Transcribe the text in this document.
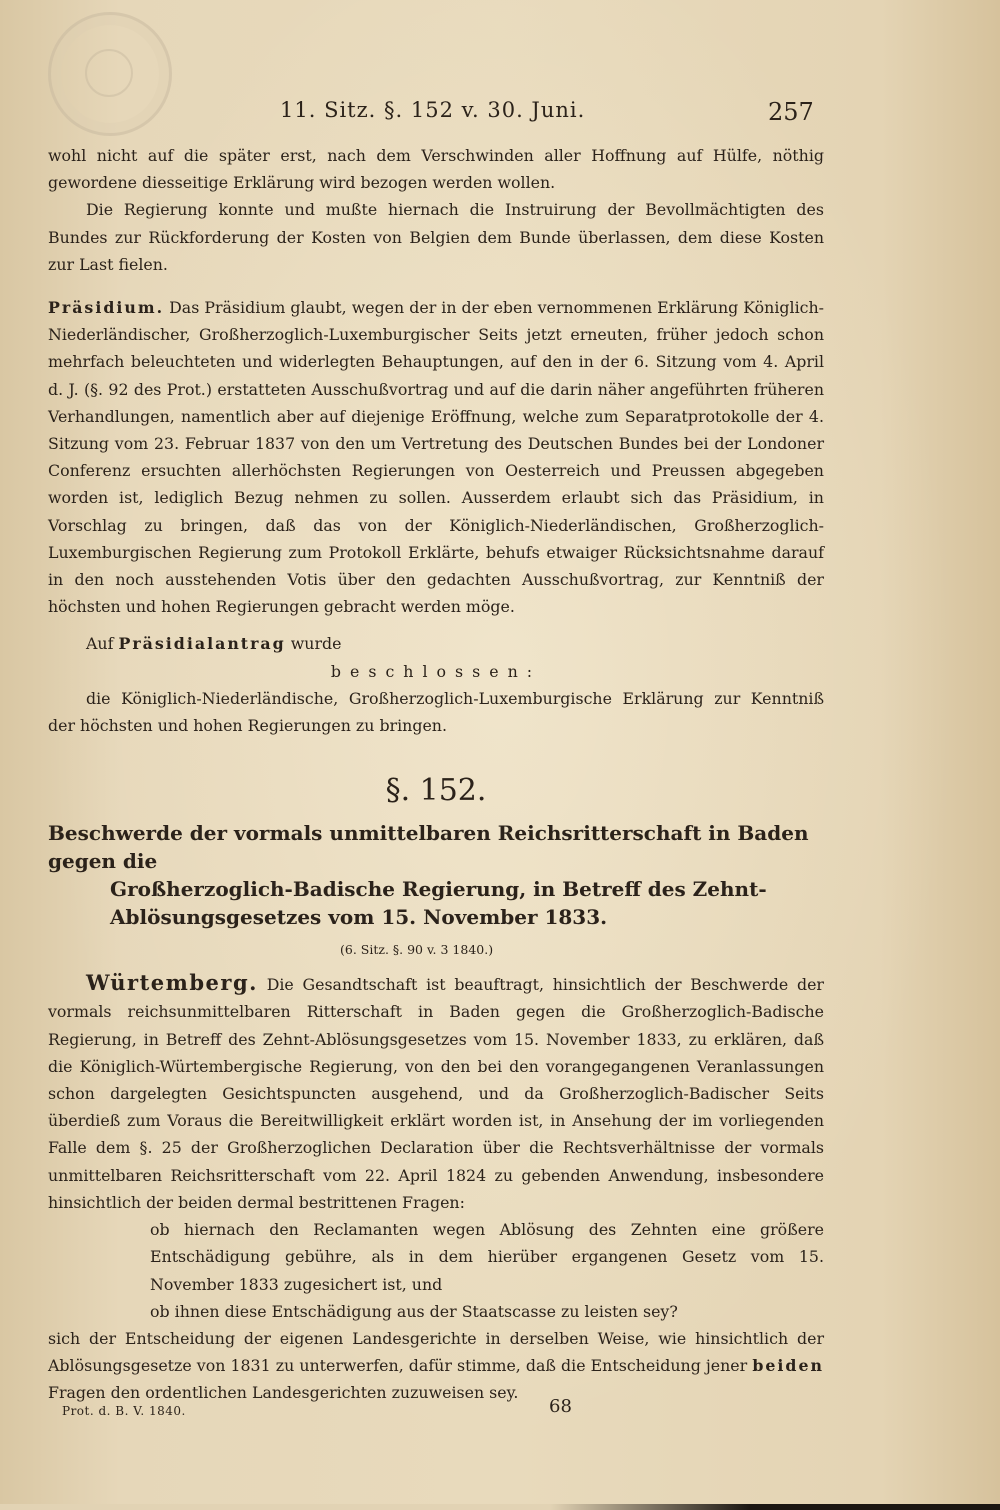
11. Sitz. §. 152 v. 30. Juni.	257

wohl nicht auf die später erst, nach dem Verschwinden aller Hoffnung auf Hülfe, nöthig gewordene diesseitige Erklärung wird bezogen werden wollen.

Die Regierung konnte und mußte hiernach die Instruirung der Bevollmächtigten des Bundes zur Rückforderung der Kosten von Belgien dem Bunde überlassen, dem diese Kosten zur Last fielen.

Präsidium. Das Präsidium glaubt, wegen der in der eben vernommenen Erklärung Königlich-Niederländischer, Großherzoglich-Luxemburgischer Seits jetzt erneuten, früher jedoch schon mehrfach beleuchteten und widerlegten Behauptungen, auf den in der 6. Sitzung vom 4. April d. J. (§. 92 des Prot.) erstatteten Ausschußvortrag und auf die darin näher angeführten früheren Verhandlungen, namentlich aber auf diejenige Eröffnung, welche zum Separatprotokolle der 4. Sitzung vom 23. Februar 1837 von den um Vertretung des Deutschen Bundes bei der Londoner Conferenz ersuchten allerhöchsten Regierungen von Oesterreich und Preussen abgegeben worden ist, lediglich Bezug nehmen zu sollen. Ausserdem erlaubt sich das Präsidium, in Vorschlag zu bringen, daß das von der Königlich-Niederländischen, Großherzoglich-Luxemburgischen Regierung zum Protokoll Erklärte, behufs etwaiger Rücksichtsnahme darauf in den noch ausstehenden Votis über den gedachten Ausschußvortrag, zur Kenntniß der höchsten und hohen Regierungen gebracht werden möge.

Auf Präsidialantrag wurde

beschlossen:

die Königlich-Niederländische, Großherzoglich-Luxemburgische Erklärung zur Kenntniß der höchsten und hohen Regierungen zu bringen.

§. 152.

Beschwerde der vormals unmittelbaren Reichsritterschaft in Baden gegen die
Großherzoglich-Badische Regierung, in Betreff des Zehnt-Ablösungsgesetzes vom 15. November 1833.

(6. Sitz. §. 90 v. 3 1840.)

Würtemberg. Die Gesandtschaft ist beauftragt, hinsichtlich der Beschwerde der vormals reichsunmittelbaren Ritterschaft in Baden gegen die Großherzoglich-Badische Regierung, in Betreff des Zehnt-Ablösungsgesetzes vom 15. November 1833, zu erklären, daß die Königlich-Würtembergische Regierung, von den bei den vorangegangenen Veranlassungen schon dargelegten Gesichtspuncten ausgehend, und da Großherzoglich-Badischer Seits überdieß zum Voraus die Bereitwilligkeit erklärt worden ist, in Ansehung der im vorliegenden Falle dem §. 25 der Großherzoglichen Declaration über die Rechtsverhältnisse der vormals unmittelbaren Reichsritterschaft vom 22. April 1824 zu gebenden Anwendung, insbesondere hinsichtlich der beiden dermal bestrittenen Fragen:

ob hiernach den Reclamanten wegen Ablösung des Zehnten eine größere Entschädigung gebühre, als in dem hierüber ergangenen Gesetz vom 15. November 1833 zugesichert ist, und

ob ihnen diese Entschädigung aus der Staatscasse zu leisten sey?

sich der Entscheidung der eigenen Landesgerichte in derselben Weise, wie hinsichtlich der Ablösungsgesetze von 1831 zu unterwerfen, dafür stimme, daß die Entscheidung jener beiden Fragen den ordentlichen Landesgerichten zuzuweisen sey.

Prot. d. B. V. 1840.	68
